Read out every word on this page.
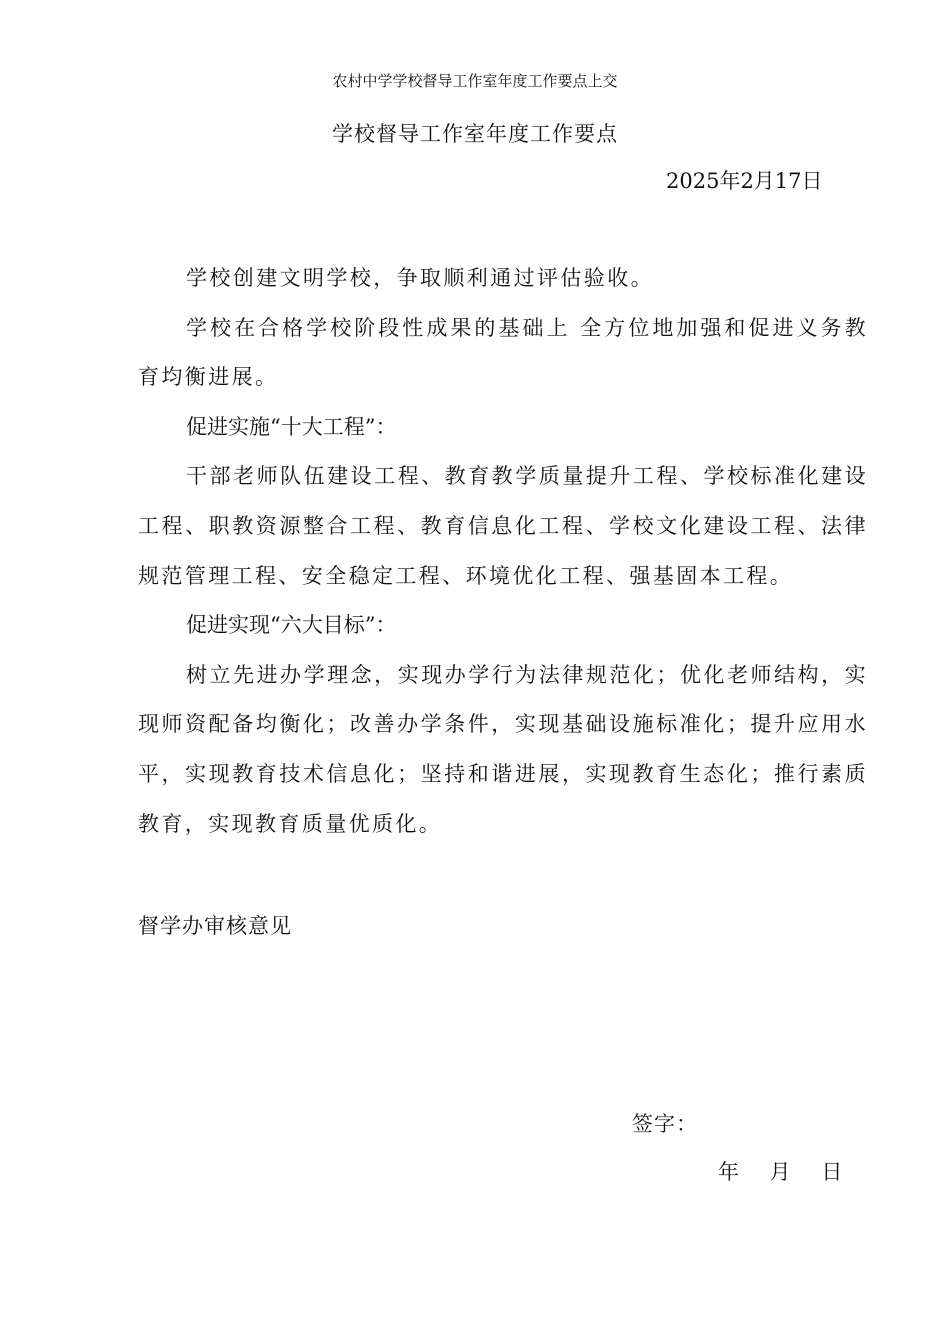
农村中学学校督导工作室年度工作要点上交
学校督导工作室年度工作要点
2025年2月17日

学校创建文明学校，争取顺利通过评估验收。

学校在合格学校阶段性成果的基础上 全方位地加强和促进义务教育均衡进展。

促进实施“十大工程”：

干部老师队伍建设工程、教育教学质量提升工程、学校标准化建设工程、职教资源整合工程、教育信息化工程、学校文化建设工程、法律规范管理工程、安全稳定工程、环境优化工程、强基固本工程。

促进实现“六大目标”：

树立先进办学理念，实现办学行为法律规范化；优化老师结构，实现师资配备均衡化；改善办学条件，实现基础设施标准化；提升应用水平，实现教育技术信息化；坚持和谐进展，实现教育生态化；推行素质教育，实现教育质量优质化。

督学办审核意见
签字：
年 月 日
